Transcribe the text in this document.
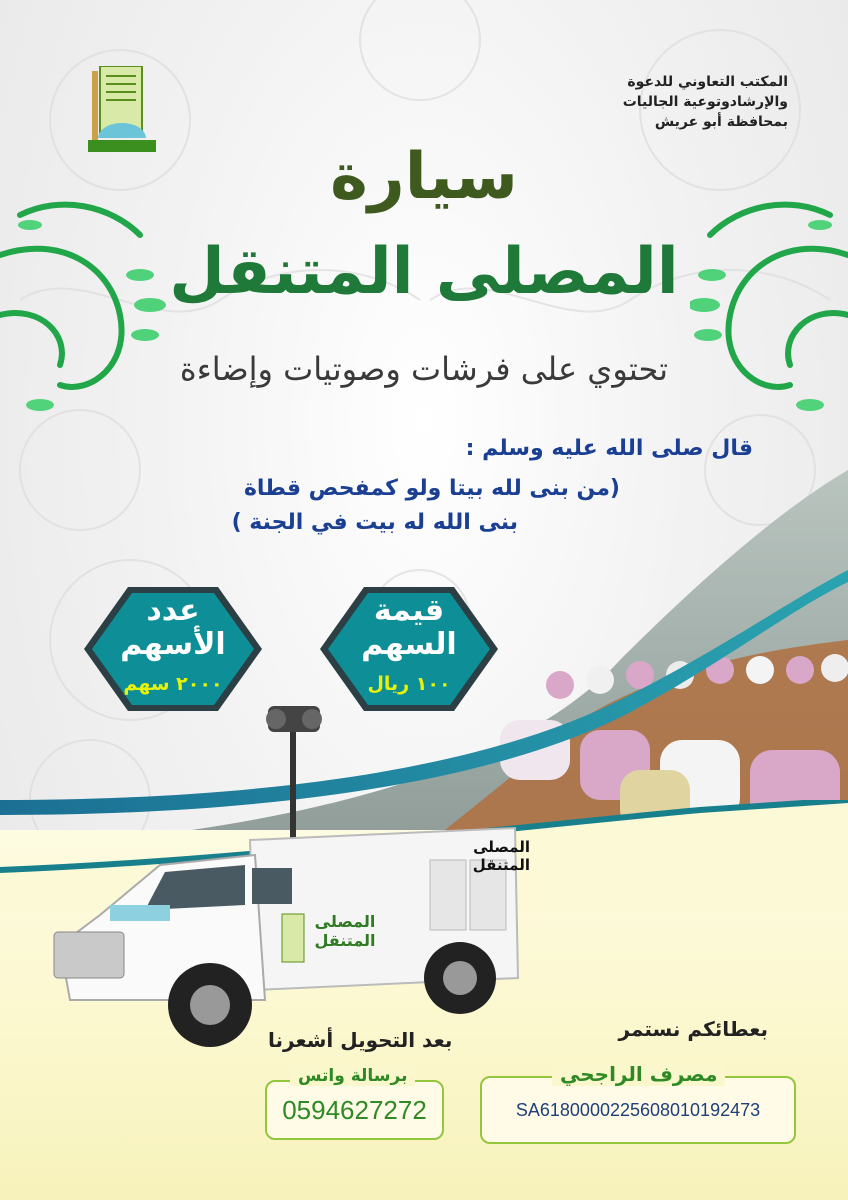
المكتب التعاوني للدعوة
والإرشادوتوعية الجاليات
بمحافظة أبو عريش
سيارة
المصلى المتنقل
تحتوي على فرشات وصوتيات وإضاءة
قال صلى الله عليه وسلم :
(من بنى لله بيتا ولو كمفحص قطاة
بنى الله له بيت في الجنة )
قيمة
السهم
١٠٠ ريال
عدد
الأسهم
٢٠٠٠ سهم
المصلى المتنقل
المصلى
المتنقل
بعطائكم نستمر
SA6180000225608010192473
مصرف الراجحي
بعد التحويل أشعرنا
0594627272
برسالة واتس
